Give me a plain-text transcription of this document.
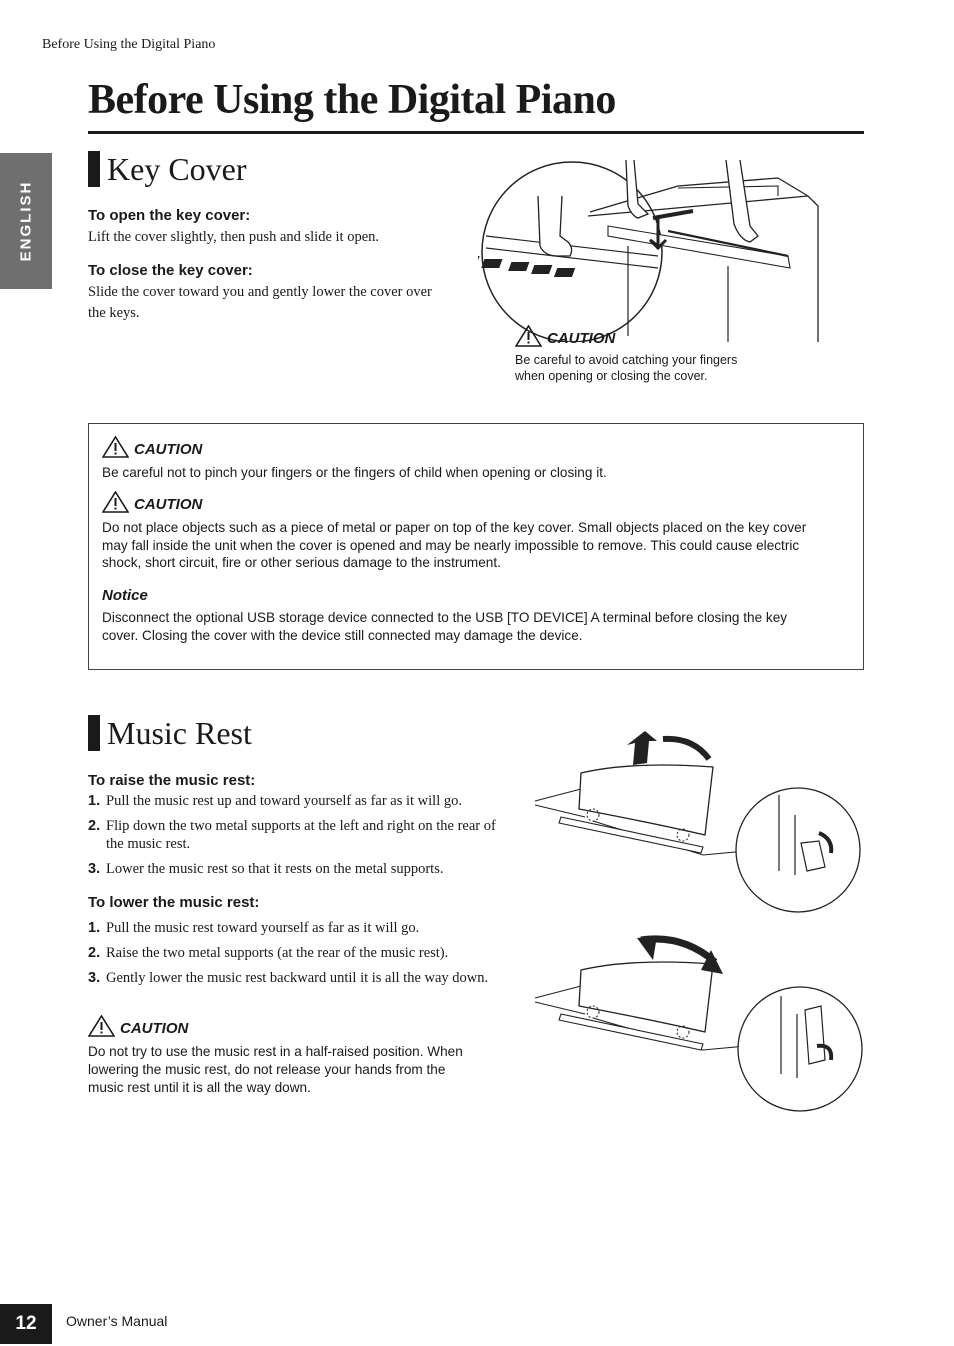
Before Using the Digital Piano
Before Using the Digital Piano
ENGLISH
Key Cover
To open the key cover:
Lift the cover slightly, then push and slide it open.
To close the key cover:
Slide the cover toward you and gently lower the cover over
the keys.
CAUTION
Be careful to avoid catching your fingers
when opening or closing the cover.
CAUTION
Be careful not to pinch your fingers or the fingers of child when opening or closing it.
CAUTION
Do not place objects such as a piece of metal or paper on top of the key cover. Small objects placed on the key cover
may fall inside the unit when the cover is opened and may be nearly impossible to remove. This could cause electric
shock, short circuit, fire or other serious damage to the instrument.
Notice
Disconnect the optional USB storage device connected to the USB [TO DEVICE] A terminal before closing the key
cover. Closing the cover with the device still connected may damage the device.
Music Rest
To raise the music rest:
1. Pull the music rest up and toward yourself as far as it will go.
2. Flip down the two metal supports at the left and right on the rear of the music rest.
3. Lower the music rest so that it rests on the metal supports.
To lower the music rest:
1. Pull the music rest toward yourself as far as it will go.
2. Raise the two metal supports (at the rear of the music rest).
3. Gently lower the music rest backward until it is all the way down.
CAUTION
Do not try to use the music rest in a half-raised position. When
lowering the music rest, do not release your hands from the
music rest until it is all the way down.
12	Owner’s Manual
